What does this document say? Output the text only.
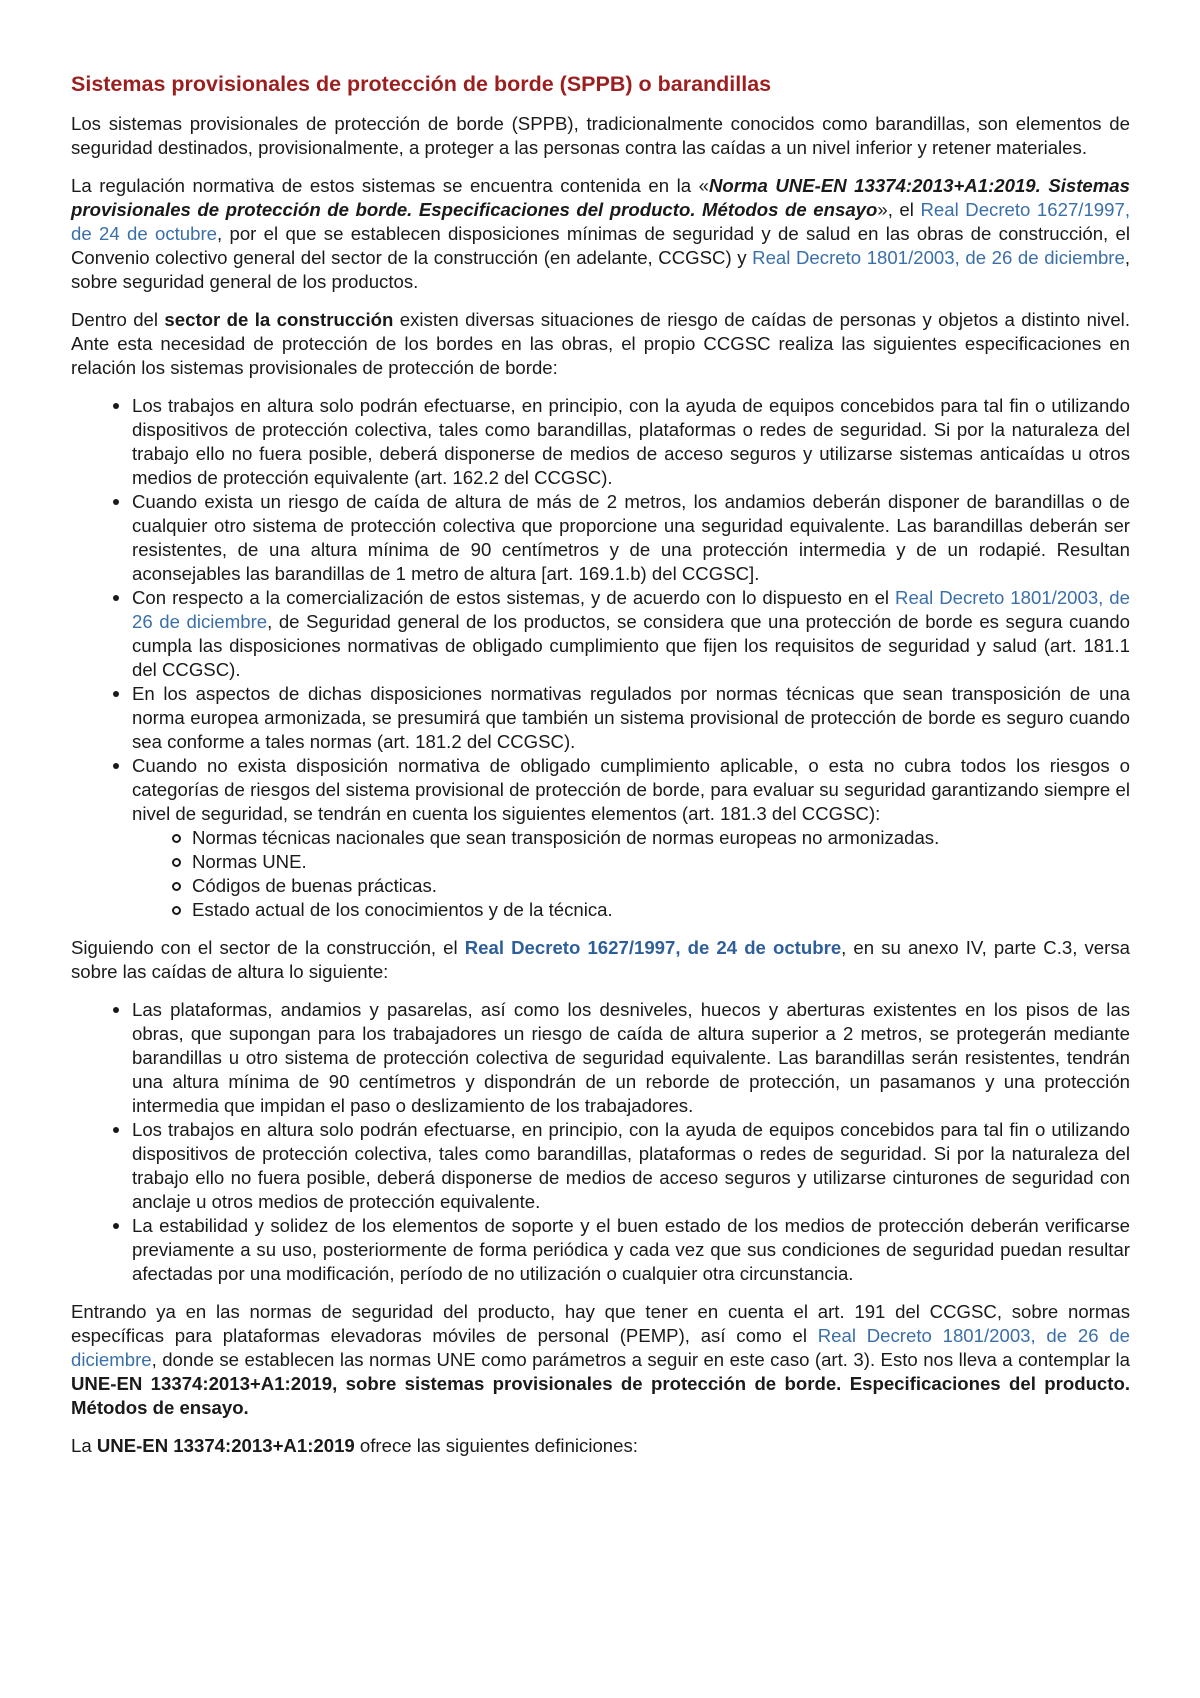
Sistemas provisionales de protección de borde (SPPB) o barandillas

Los sistemas provisionales de protección de borde (SPPB), tradicionalmente conocidos como barandillas, son elementos de seguridad destinados, provisionalmente, a proteger a las personas contra las caídas a un nivel inferior y retener materiales.

La regulación normativa de estos sistemas se encuentra contenida en la «Norma UNE-EN 13374:2013+A1:2019. Sistemas provisionales de protección de borde. Especificaciones del producto. Métodos de ensayo», el Real Decreto 1627/1997, de 24 de octubre, por el que se establecen disposiciones mínimas de seguridad y de salud en las obras de construcción, el Convenio colectivo general del sector de la construcción (en adelante, CCGSC) y Real Decreto 1801/2003, de 26 de diciembre, sobre seguridad general de los productos.

Dentro del sector de la construcción existen diversas situaciones de riesgo de caídas de personas y objetos a distinto nivel. Ante esta necesidad de protección de los bordes en las obras, el propio CCGSC realiza las siguientes especificaciones en relación los sistemas provisionales de protección de borde:

Los trabajos en altura solo podrán efectuarse, en principio, con la ayuda de equipos concebidos para tal fin o utilizando dispositivos de protección colectiva, tales como barandillas, plataformas o redes de seguridad. Si por la naturaleza del trabajo ello no fuera posible, deberá disponerse de medios de acceso seguros y utilizarse sistemas anticaídas u otros medios de protección equivalente (art. 162.2 del CCGSC).
Cuando exista un riesgo de caída de altura de más de 2 metros, los andamios deberán disponer de barandillas o de cualquier otro sistema de protección colectiva que proporcione una seguridad equivalente. Las barandillas deberán ser resistentes, de una altura mínima de 90 centímetros y de una protección intermedia y de un rodapié. Resultan aconsejables las barandillas de 1 metro de altura [art. 169.1.b) del CCGSC].
Con respecto a la comercialización de estos sistemas, y de acuerdo con lo dispuesto en el Real Decreto 1801/2003, de 26 de diciembre, de Seguridad general de los productos, se considera que una protección de borde es segura cuando cumpla las disposiciones normativas de obligado cumplimiento que fijen los requisitos de seguridad y salud (art. 181.1 del CCGSC).
En los aspectos de dichas disposiciones normativas regulados por normas técnicas que sean transposición de una norma europea armonizada, se presumirá que también un sistema provisional de protección de borde es seguro cuando sea conforme a tales normas (art. 181.2 del CCGSC).
Cuando no exista disposición normativa de obligado cumplimiento aplicable, o esta no cubra todos los riesgos o categorías de riesgos del sistema provisional de protección de borde, para evaluar su seguridad garantizando siempre el nivel de seguridad, se tendrán en cuenta los siguientes elementos (art. 181.3 del CCGSC):
Normas técnicas nacionales que sean transposición de normas europeas no armonizadas.
Normas UNE.
Códigos de buenas prácticas.
Estado actual de los conocimientos y de la técnica.

Siguiendo con el sector de la construcción, el Real Decreto 1627/1997, de 24 de octubre, en su anexo IV, parte C.3, versa sobre las caídas de altura lo siguiente:

Las plataformas, andamios y pasarelas, así como los desniveles, huecos y aberturas existentes en los pisos de las obras, que supongan para los trabajadores un riesgo de caída de altura superior a 2 metros, se protegerán mediante barandillas u otro sistema de protección colectiva de seguridad equivalente. Las barandillas serán resistentes, tendrán una altura mínima de 90 centímetros y dispondrán de un reborde de protección, un pasamanos y una protección intermedia que impidan el paso o deslizamiento de los trabajadores.
Los trabajos en altura solo podrán efectuarse, en principio, con la ayuda de equipos concebidos para tal fin o utilizando dispositivos de protección colectiva, tales como barandillas, plataformas o redes de seguridad. Si por la naturaleza del trabajo ello no fuera posible, deberá disponerse de medios de acceso seguros y utilizarse cinturones de seguridad con anclaje u otros medios de protección equivalente.
La estabilidad y solidez de los elementos de soporte y el buen estado de los medios de protección deberán verificarse previamente a su uso, posteriormente de forma periódica y cada vez que sus condiciones de seguridad puedan resultar afectadas por una modificación, período de no utilización o cualquier otra circunstancia.

Entrando ya en las normas de seguridad del producto, hay que tener en cuenta el art. 191 del CCGSC, sobre normas específicas para plataformas elevadoras móviles de personal (PEMP), así como el Real Decreto 1801/2003, de 26 de diciembre, donde se establecen las normas UNE como parámetros a seguir en este caso (art. 3). Esto nos lleva a contemplar la UNE-EN 13374:2013+A1:2019, sobre sistemas provisionales de protección de borde. Especificaciones del producto. Métodos de ensayo.

La UNE-EN 13374:2013+A1:2019 ofrece las siguientes definiciones:
